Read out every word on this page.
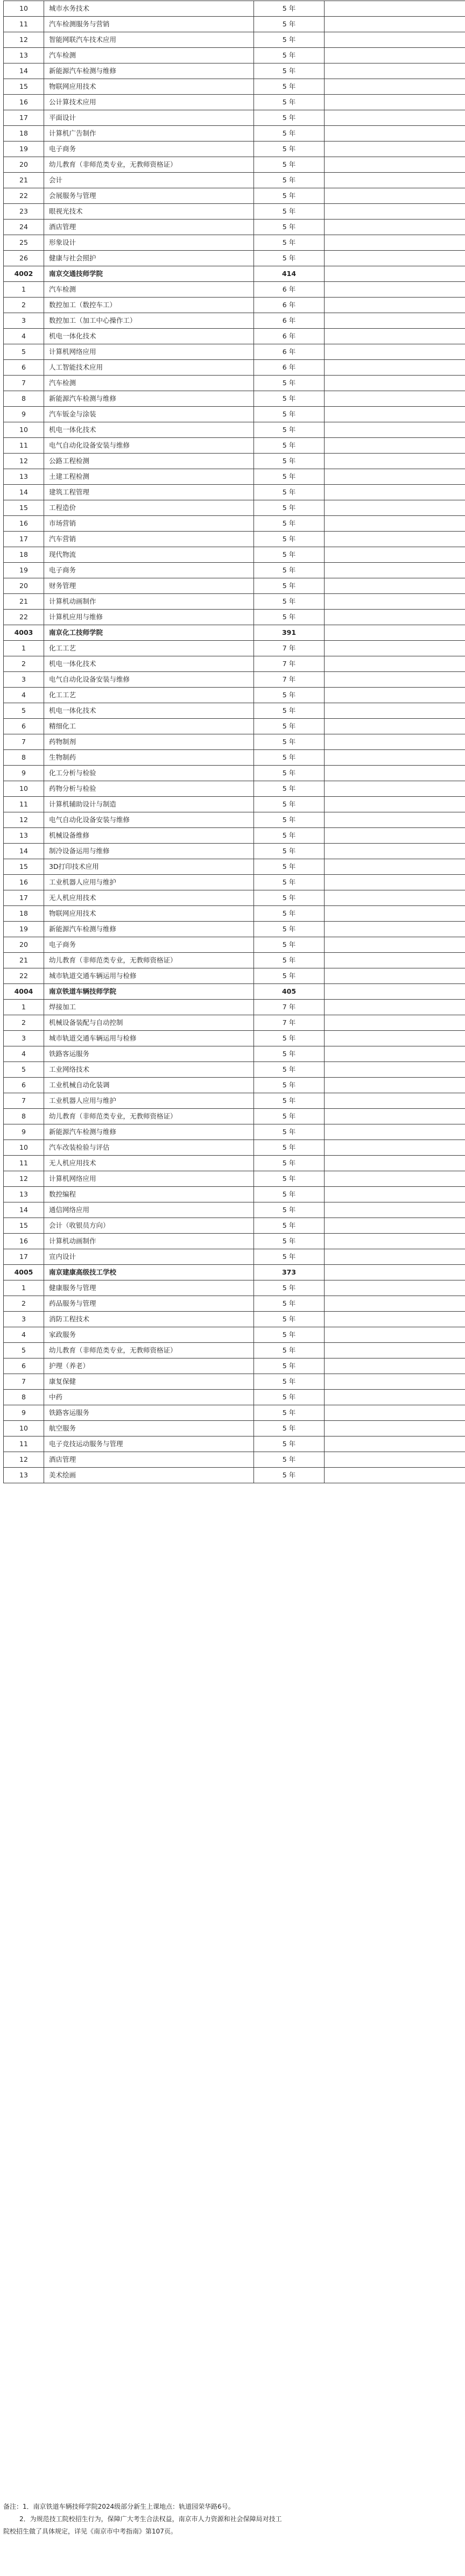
10	城市水务技术	5 年	
11	汽车检测服务与营销	5 年	
12	智能网联汽车技术应用	5 年	
13	汽车检测	5 年	
14	新能源汽车检测与维修	5 年	
15	物联网应用技术	5 年	
16	公计算技术应用	5 年	
17	平面设计	5 年	
18	计算机广告制作	5 年	
19	电子商务	5 年	
20	幼儿教育（非师范类专业，无教师资格证）	5 年	
21	会计	5 年	
22	会展服务与管理	5 年	
23	眼视光技术	5 年	
24	酒店管理	5 年	
25	形象设计	5 年	
26	健康与社会照护	5 年	
4002	南京交通技师学院	414	
1	汽车检测	6 年	
2	数控加工（数控车工）	6 年	
3	数控加工（加工中心操作工）	6 年	
4	机电一体化技术	6 年	
5	计算机网络应用	6 年	
6	人工智能技术应用	6 年	
7	汽车检测	5 年	
8	新能源汽车检测与维修	5 年	
9	汽车钣金与涂装	5 年	
10	机电一体化技术	5 年	
11	电气自动化设备安装与维修	5 年	
12	公路工程检测	5 年	
13	土建工程检测	5 年	
14	建筑工程管理	5 年	
15	工程造价	5 年	
16	市场营销	5 年	
17	汽车营销	5 年	
18	现代物流	5 年	
19	电子商务	5 年	
20	财务管理	5 年	
21	计算机动画制作	5 年	
22	计算机应用与维修	5 年	
4003	南京化工技师学院	391	
1	化工工艺	7 年	
2	机电一体化技术	7 年	
3	电气自动化设备安装与维修	7 年	
4	化工工艺	5 年	
5	机电一体化技术	5 年	
6	精细化工	5 年	
7	药物制剂	5 年	
8	生物制药	5 年	
9	化工分析与检验	5 年	
10	药物分析与检验	5 年	
11	计算机辅助设计与制造	5 年	
12	电气自动化设备安装与维修	5 年	
13	机械设备维修	5 年	
14	制冷设备运用与维修	5 年	
15	3D打印技术应用	5 年	
16	工业机器人应用与维护	5 年	
17	无人机应用技术	5 年	
18	物联网应用技术	5 年	
19	新能源汽车检测与维修	5 年	
20	电子商务	5 年	
21	幼儿教育（非师范类专业，无教师资格证）	5 年	
22	城市轨道交通车辆运用与检修	5 年	
4004	南京铁道车辆技师学院	405	
1	焊接加工	7 年	
2	机械设备装配与自动控制	7 年	
3	城市轨道交通车辆运用与检修	5 年	
4	铁路客运服务	5 年	
5	工业网络技术	5 年	
6	工业机械自动化装调	5 年	
7	工业机器人应用与维护	5 年	
8	幼儿教育（非师范类专业，无教师资格证）	5 年	
9	新能源汽车检测与维修	5 年	
10	汽车改装检验与评估	5 年	
11	无人机应用技术	5 年	
12	计算机网络应用	5 年	
13	数控编程	5 年	
14	通信网络应用	5 年	
15	会计（收银员方向）	5 年	
16	计算机动画制作	5 年	
17	宣内设计	5 年	
4005	南京建康高级技工学校	373	
1	健康服务与管理	5 年	
2	药品服务与管理	5 年	
3	消防工程技术	5 年	
4	家政服务	5 年	
5	幼儿教育（非师范类专业，无教师资格证）	5 年	
6	护理（养老）	5 年	
7	康复保健	5 年	
8	中药	5 年	
9	铁路客运服务	5 年	
10	航空服务	5 年	
11	电子竞技运动服务与管理	5 年	
12	酒店管理	5 年	
13	美术绘画	5 年	
备注：1．南京铁道车辆技师学院2024级部分新生上课地点：轨道园荣华路6号。
2．为规范技工院校招生行为，保障广大考生合法权益，南京市人力资源和社会保障局对技工
院校招生做了具体规定，详见《南京市中考指南》第107页。
